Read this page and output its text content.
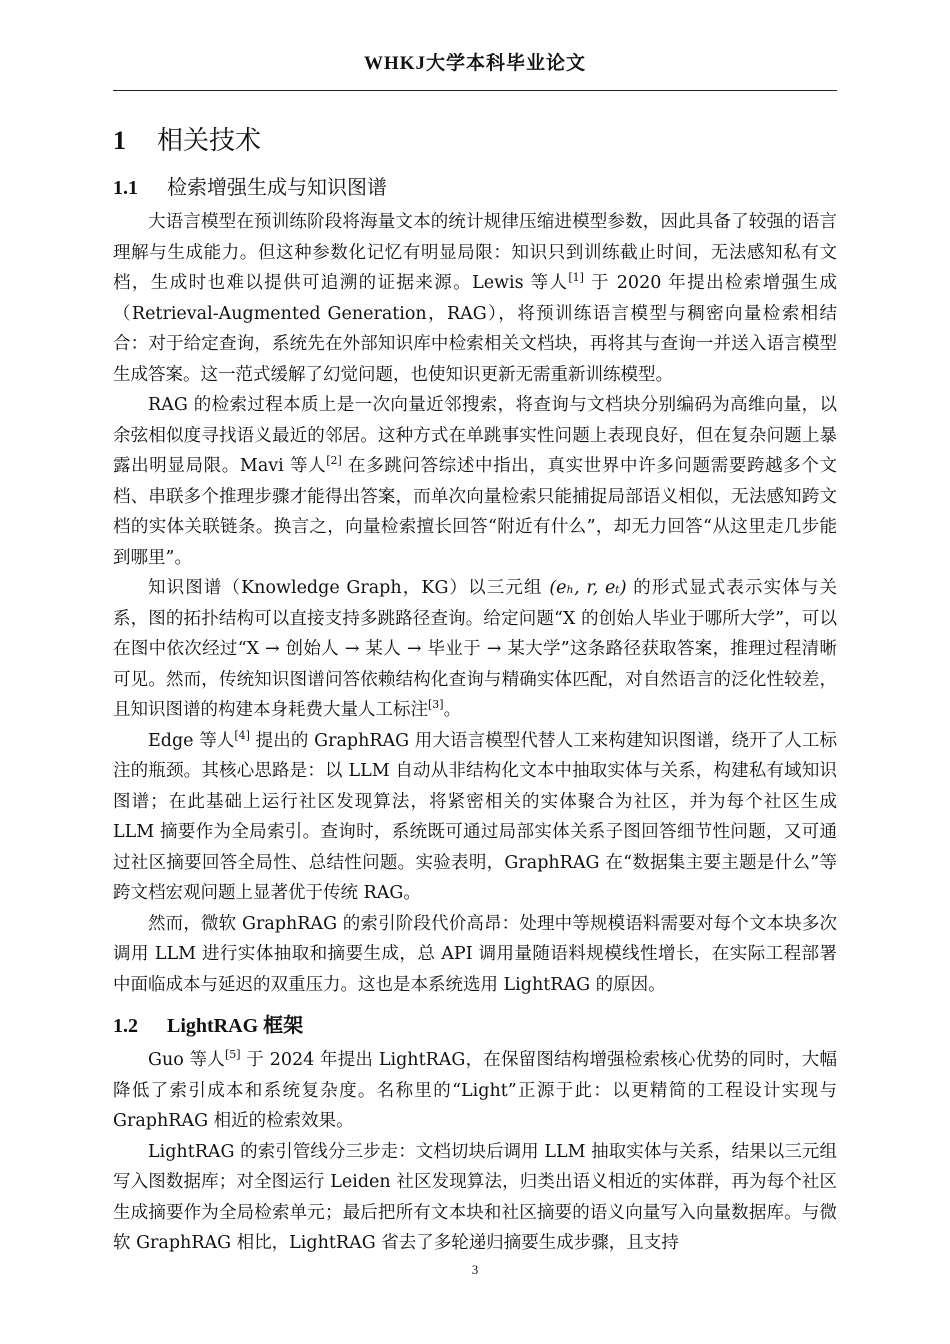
WHKJ大学本科毕业论文
1 相关技术
1.1 检索增强生成与知识图谱

大语言模型在预训练阶段将海量文本的统计规律压缩进模型参数，因此具备了较强的语言理解与生成能力。但这种参数化记忆有明显局限：知识只到训练截止时间，无法感知私有文档，生成时也难以提供可追溯的证据来源。Lewis 等人[1] 于 2020 年提出检索增强生成（Retrieval-Augmented Generation，RAG），将预训练语言模型与稠密向量检索相结合：对于给定查询，系统先在外部知识库中检索相关文档块，再将其与查询一并送入语言模型生成答案。这一范式缓解了幻觉问题，也使知识更新无需重新训练模型。

RAG 的检索过程本质上是一次向量近邻搜索，将查询与文档块分别编码为高维向量，以余弦相似度寻找语义最近的邻居。这种方式在单跳事实性问题上表现良好，但在复杂问题上暴露出明显局限。Mavi 等人[2] 在多跳问答综述中指出，真实世界中许多问题需要跨越多个文档、串联多个推理步骤才能得出答案，而单次向量检索只能捕捉局部语义相似，无法感知跨文档的实体关联链条。换言之，向量检索擅长回答“附近有什么”，却无力回答“从这里走几步能到哪里”。

知识图谱（Knowledge Graph，KG）以三元组 (eₕ, r, eₜ) 的形式显式表示实体与关系，图的拓扑结构可以直接支持多跳路径查询。给定问题“X 的创始人毕业于哪所大学”，可以在图中依次经过“X → 创始人 → 某人 → 毕业于 → 某大学”这条路径获取答案，推理过程清晰可见。然而，传统知识图谱问答依赖结构化查询与精确实体匹配，对自然语言的泛化性较差，且知识图谱的构建本身耗费大量人工标注[3]。

Edge 等人[4] 提出的 GraphRAG 用大语言模型代替人工来构建知识图谱，绕开了人工标注的瓶颈。其核心思路是：以 LLM 自动从非结构化文本中抽取实体与关系，构建私有域知识图谱；在此基础上运行社区发现算法，将紧密相关的实体聚合为社区，并为每个社区生成 LLM 摘要作为全局索引。查询时，系统既可通过局部实体关系子图回答细节性问题，又可通过社区摘要回答全局性、总结性问题。实验表明，GraphRAG 在“数据集主要主题是什么”等跨文档宏观问题上显著优于传统 RAG。

然而，微软 GraphRAG 的索引阶段代价高昂：处理中等规模语料需要对每个文本块多次调用 LLM 进行实体抽取和摘要生成，总 API 调用量随语料规模线性增长，在实际工程部署中面临成本与延迟的双重压力。这也是本系统选用 LightRAG 的原因。

1.2 LightRAG 框架

Guo 等人[5] 于 2024 年提出 LightRAG，在保留图结构增强检索核心优势的同时，大幅降低了索引成本和系统复杂度。名称里的“Light”正源于此：以更精简的工程设计实现与 GraphRAG 相近的检索效果。

LightRAG 的索引管线分三步走：文档切块后调用 LLM 抽取实体与关系，结果以三元组写入图数据库；对全图运行 Leiden 社区发现算法，归类出语义相近的实体群，再为每个社区生成摘要作为全局检索单元；最后把所有文本块和社区摘要的语义向量写入向量数据库。与微软 GraphRAG 相比，LightRAG 省去了多轮递归摘要生成步骤，且支持

3
